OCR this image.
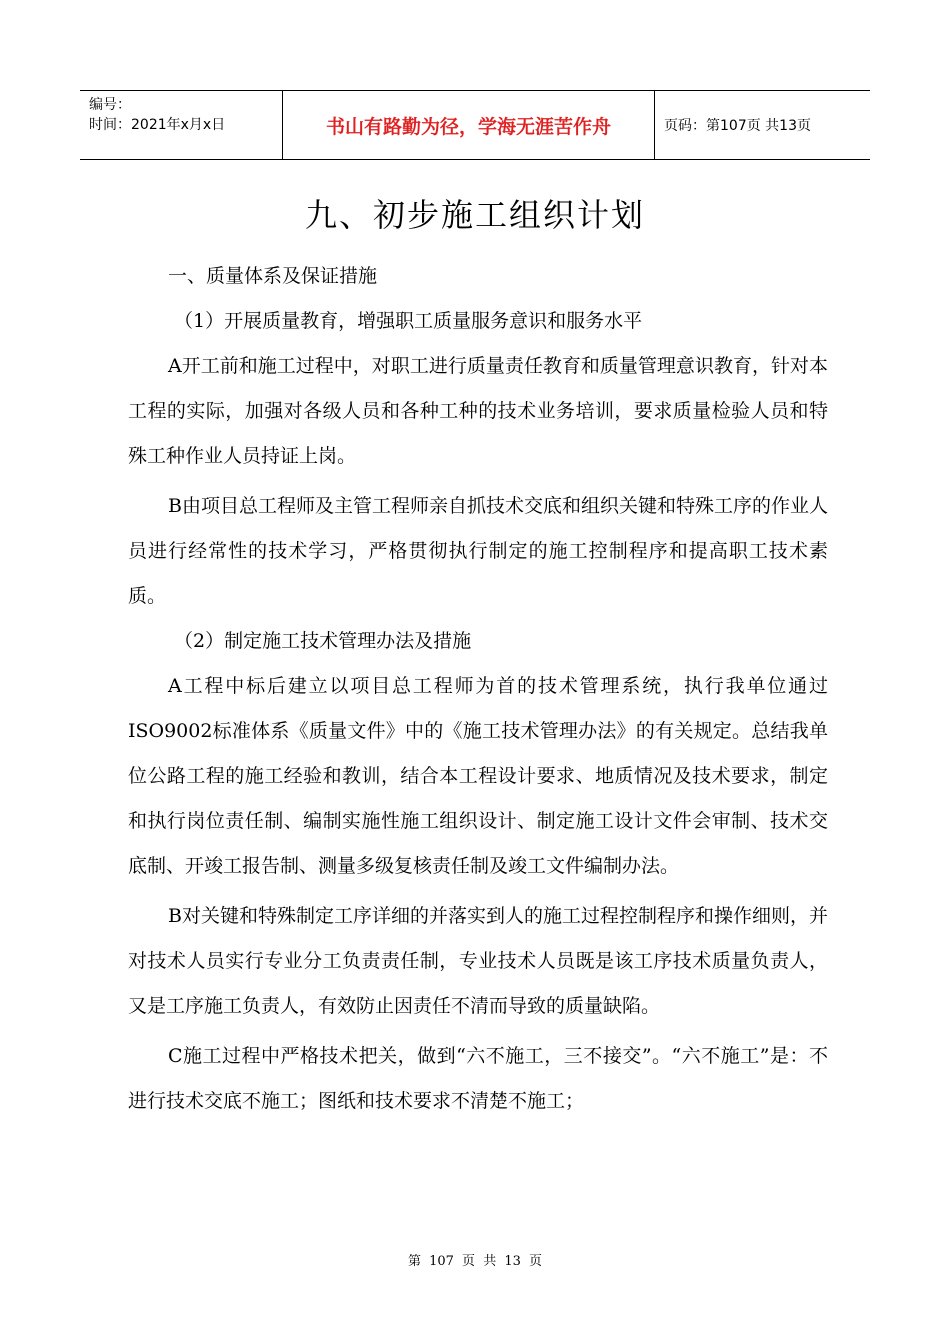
编号：
时间：2021年x月x日	书山有路勤为径，学海无涯苦作舟	页码：第107页 共13页
九、初步施工组织计划

一、质量体系及保证措施

（1）开展质量教育，增强职工质量服务意识和服务水平

A开工前和施工过程中，对职工进行质量责任教育和质量管理意识教育，针对本工程的实际，加强对各级人员和各种工种的技术业务培训，要求质量检验人员和特殊工种作业人员持证上岗。

B由项目总工程师及主管工程师亲自抓技术交底和组织关键和特殊工序的作业人员进行经常性的技术学习，严格贯彻执行制定的施工控制程序和提高职工技术素质。

（2）制定施工技术管理办法及措施

A工程中标后建立以项目总工程师为首的技术管理系统，执行我单位通过ISO9002标准体系《质量文件》中的《施工技术管理办法》的有关规定。总结我单位公路工程的施工经验和教训，结合本工程设计要求、地质情况及技术要求，制定和执行岗位责任制、编制实施性施工组织设计、制定施工设计文件会审制、技术交底制、开竣工报告制、测量多级复核责任制及竣工文件编制办法。

B对关键和特殊制定工序详细的并落实到人的施工过程控制程序和操作细则，并对技术人员实行专业分工负责责任制，专业技术人员既是该工序技术质量负责人，又是工序施工负责人，有效防止因责任不清而导致的质量缺陷。

C施工过程中严格技术把关，做到“六不施工，三不接交”。“六不施工”是：不进行技术交底不施工；图纸和技术要求不清楚不施工；

第 107 页 共 13 页
